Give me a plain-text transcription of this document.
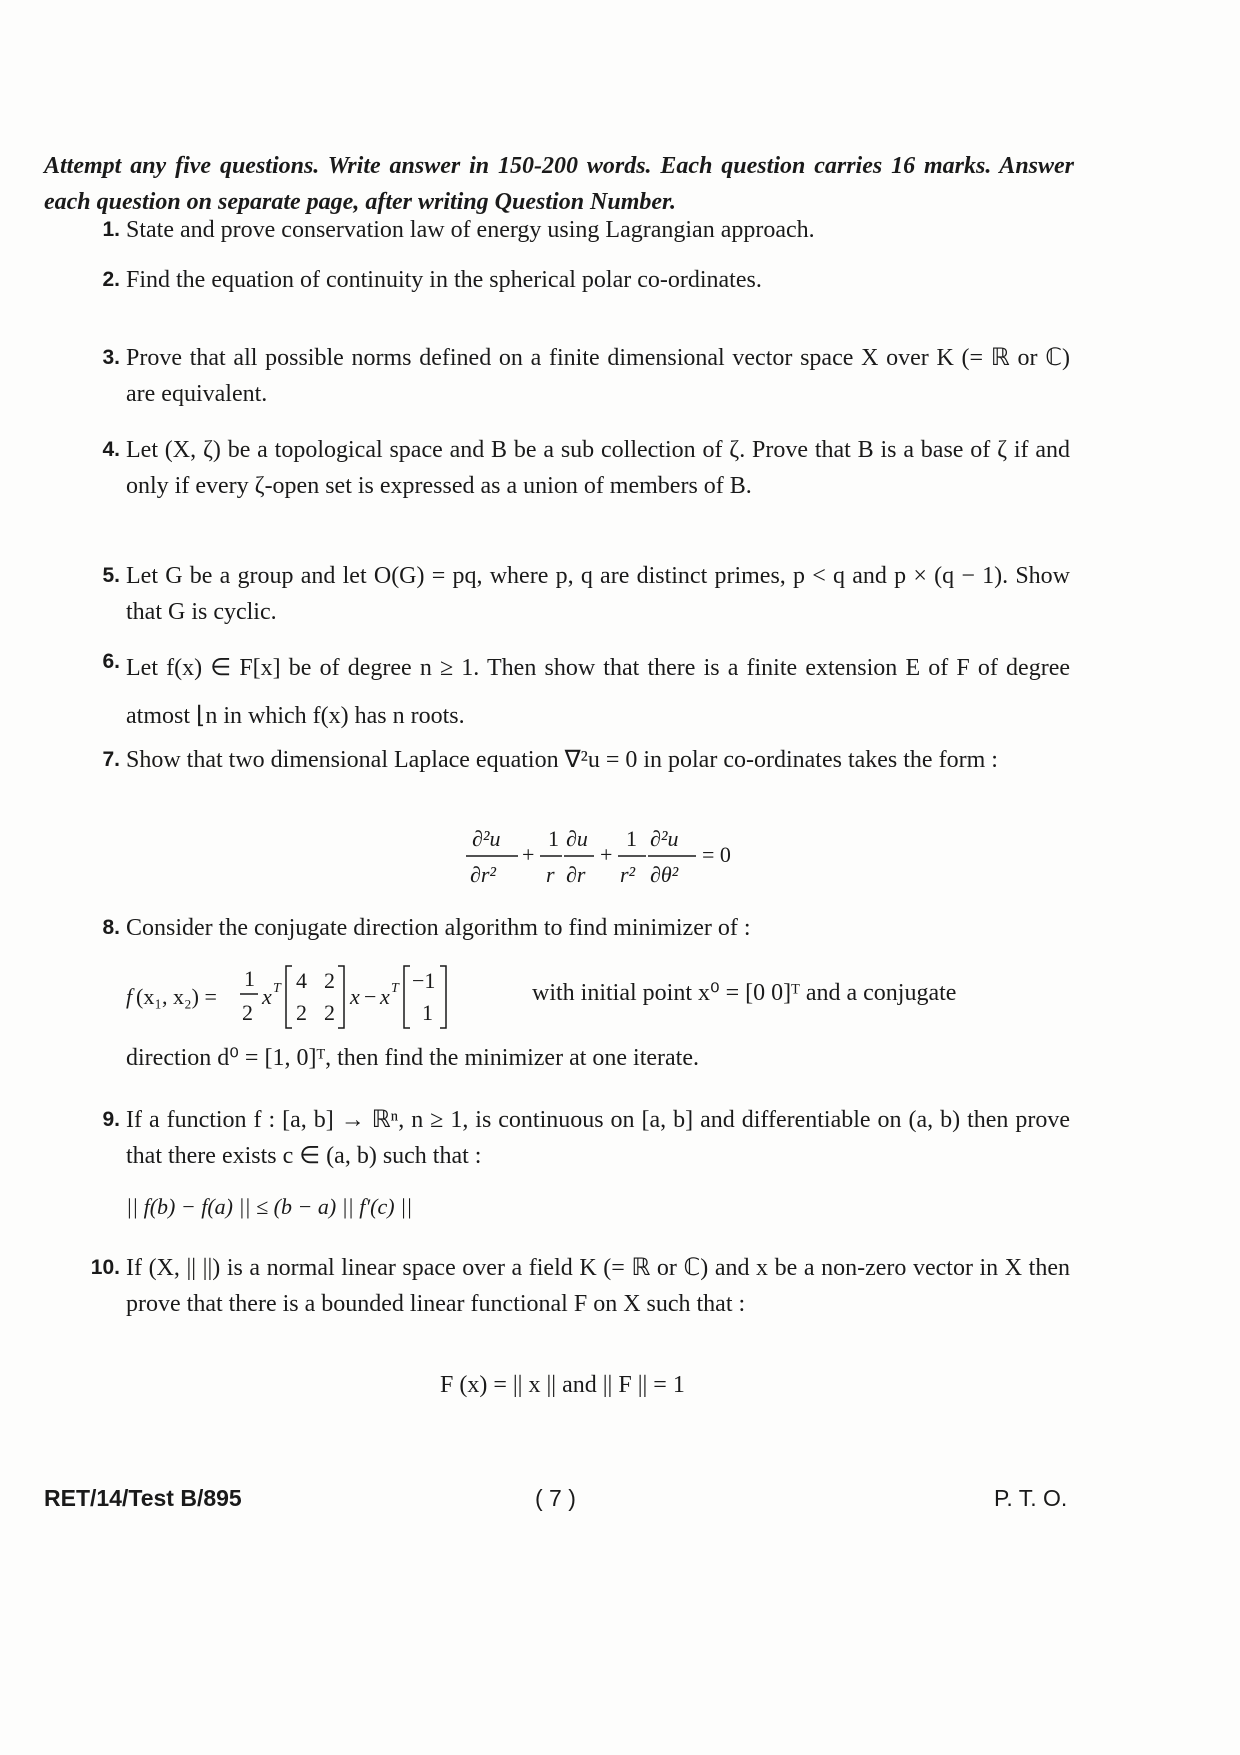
Attempt any five questions. Write answer in 150-200 words. Each question carries 16 marks. Answer each question on separate page, after writing Question Number.
1. State and prove conservation law of energy using Lagrangian approach.
2. Find the equation of continuity in the spherical polar co-ordinates.
3. Prove that all possible norms defined on a finite dimensional vector space X over K (= ℝ or ℂ) are equivalent.
4. Let (X, ζ) be a topological space and B be a sub collection of ζ. Prove that B is a base of ζ if and only if every ζ-open set is expressed as a union of members of B.
5. Let G be a group and let O(G) = pq, where p, q are distinct primes, p < q and p × (q − 1). Show that G is cyclic.
6. Let f(x) ∈ F[x] be of degree n ≥ 1. Then show that there is a finite extension E of F of degree atmost ⌊n in which f(x) has n roots.
7. Show that two dimensional Laplace equation ∇²u = 0 in polar co-ordinates takes the form :
∂²u
∂r²
+
1
r
∂u
∂r
+
1
r²
∂²u
∂θ²
= 0
8. Consider the conjugate direction algorithm to find minimizer of :
f (x₁, x₂) =
1
2
x T 4 2
2 2
x − x T −1
1
with initial point x⁰ = [0 0]ᵀ and a conjugate
direction d⁰ = [1, 0]ᵀ, then find the minimizer at one iterate.
9. If a function f : [a, b] → ℝⁿ, n ≥ 1, is continuous on [a, b] and differentiable on (a, b) then prove that there exists c ∈ (a, b) such that :
|| f(b) − f(a) || ≤ (b − a) || f′(c) ||
10. If (X, || ||) is a normal linear space over a field K (= ℝ or ℂ) and x be a non-zero vector in X then prove that there is a bounded linear functional F on X such that :
F (x) = || x || and || F || = 1
RET/14/Test B/895	( 7 )	P. T. O.
